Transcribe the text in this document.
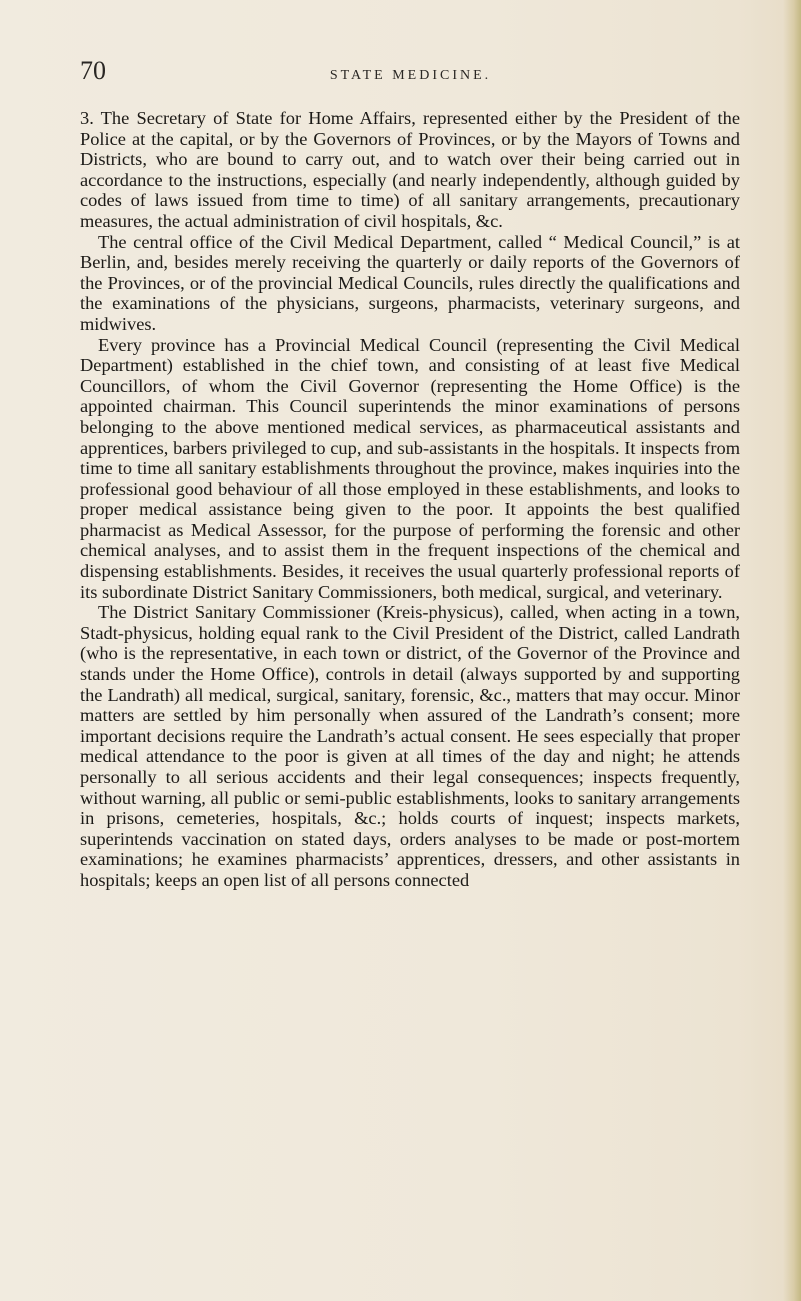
70	STATE MEDICINE.

3. The Secretary of State for Home Affairs, represented either by the President of the Police at the capital, or by the Governors of Provinces, or by the Mayors of Towns and Districts, who are bound to carry out, and to watch over their being carried out in accordance to the instructions, especially (and nearly independently, although guided by codes of laws issued from time to time) of all sanitary arrangements, precautionary measures, the actual administration of civil hospitals, &c.

The central office of the Civil Medical Department, called “ Medical Council,” is at Berlin, and, besides merely receiving the quarterly or daily reports of the Governors of the Provinces, or of the provincial Medical Councils, rules directly the qualifications and the examinations of the physicians, surgeons, pharmacists, veterinary surgeons, and midwives.

Every province has a Provincial Medical Council (representing the Civil Medical Department) established in the chief town, and consisting of at least five Medical Councillors, of whom the Civil Governor (representing the Home Office) is the appointed chairman. This Council superintends the minor examinations of persons belonging to the above mentioned medical services, as pharmaceutical assistants and apprentices, barbers privileged to cup, and sub-assistants in the hospitals. It inspects from time to time all sanitary establishments throughout the province, makes inquiries into the professional good behaviour of all those employed in these establishments, and looks to proper medical assistance being given to the poor. It appoints the best qualified pharmacist as Medical Assessor, for the purpose of performing the forensic and other chemical analyses, and to assist them in the frequent inspections of the chemical and dispensing establishments. Besides, it receives the usual quarterly professional reports of its subordinate District Sanitary Commissioners, both medical, surgical, and veterinary.

The District Sanitary Commissioner (Kreis-physicus), called, when acting in a town, Stadt-physicus, holding equal rank to the Civil President of the District, called Landrath (who is the representative, in each town or district, of the Governor of the Province and stands under the Home Office), controls in detail (always supported by and supporting the Landrath) all medical, surgical, sanitary, forensic, &c., matters that may occur. Minor matters are settled by him personally when assured of the Landrath’s consent; more important decisions require the Landrath’s actual consent. He sees especially that proper medical attendance to the poor is given at all times of the day and night; he attends personally to all serious accidents and their legal consequences; inspects frequently, without warning, all public or semi-public establishments, looks to sanitary arrangements in prisons, cemeteries, hospitals, &c.; holds courts of inquest; inspects markets, superintends vaccination on stated days, orders analyses to be made or post-mortem examinations; he examines pharmacists’ apprentices, dressers, and other assistants in hospitals; keeps an open list of all persons connected
